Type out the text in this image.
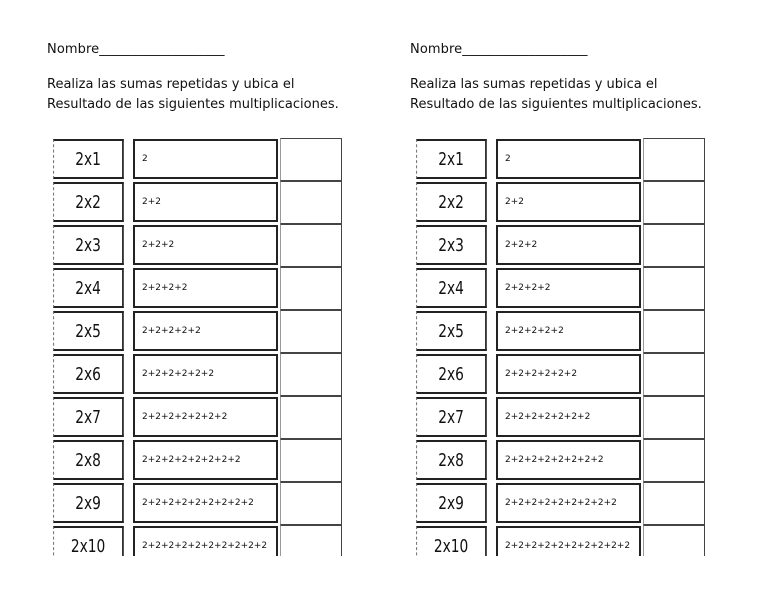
Nombre___________________
Realiza las sumas repetidas y ubica el
Resultado de las siguientes multiplicaciones.
2x1	2
2x2	2+2
2x3	2+2+2
2x4	2+2+2+2
2x5	2+2+2+2+2
2x6	2+2+2+2+2+2
2x7	2+2+2+2+2+2+2
2x8	2+2+2+2+2+2+2+2
2x9	2+2+2+2+2+2+2+2+2
2x10	2+2+2+2+2+2+2+2+2+2
Nombre___________________
Realiza las sumas repetidas y ubica el
Resultado de las siguientes multiplicaciones.
2x1	2
2x2	2+2
2x3	2+2+2
2x4	2+2+2+2
2x5	2+2+2+2+2
2x6	2+2+2+2+2+2
2x7	2+2+2+2+2+2+2
2x8	2+2+2+2+2+2+2+2
2x9	2+2+2+2+2+2+2+2+2
2x10	2+2+2+2+2+2+2+2+2+2
